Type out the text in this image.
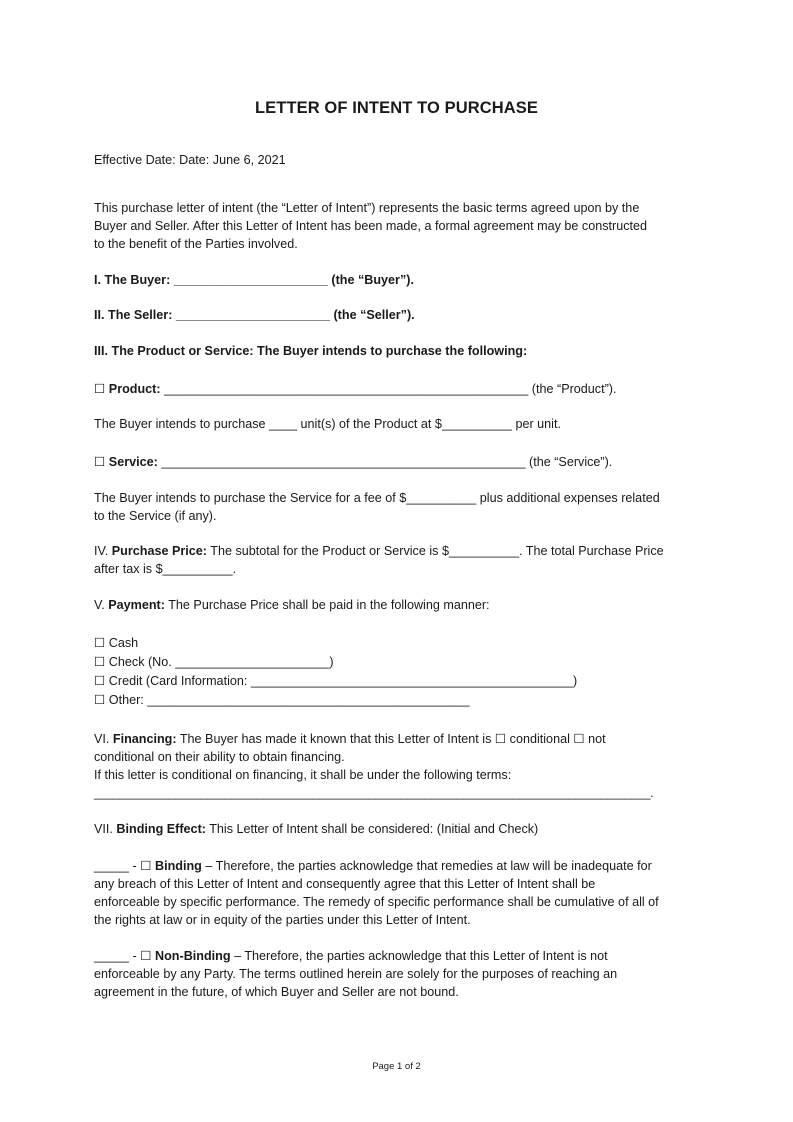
LETTER OF INTENT TO PURCHASE
Effective Date: Date: June 6, 2021
This purchase letter of intent (the “Letter of Intent”) represents the basic terms agreed upon by the
Buyer and Seller. After this Letter of Intent has been made, a formal agreement may be constructed
to the benefit of the Parties involved.
I. The Buyer: ______________________ (the “Buyer”).
II. The Seller: ______________________ (the “Seller”).
III. The Product or Service: The Buyer intends to purchase the following:
☐ Product: ____________________________________________________ (the “Product”).
The Buyer intends to purchase ____ unit(s) of the Product at $__________ per unit.
☐ Service: ____________________________________________________ (the “Service”).
The Buyer intends to purchase the Service for a fee of $__________ plus additional expenses related
to the Service (if any).
IV. Purchase Price: The subtotal for the Product or Service is $__________. The total Purchase Price
after tax is $__________.
V. Payment: The Purchase Price shall be paid in the following manner:
☐ Cash
☐ Check (No. ______________________)
☐ Credit (Card Information: ______________________________________________)
☐ Other: ______________________________________________
VI. Financing: The Buyer has made it known that this Letter of Intent is ☐ conditional ☐ not
conditional on their ability to obtain financing.
If this letter is conditional on financing, it shall be under the following terms:
_________________________________________________________________________________________.
VII. Binding Effect: This Letter of Intent shall be considered: (Initial and Check)
_____ - ☐ Binding – Therefore, the parties acknowledge that remedies at law will be inadequate for
any breach of this Letter of Intent and consequently agree that this Letter of Intent shall be
enforceable by specific performance. The remedy of specific performance shall be cumulative of all of
the rights at law or in equity of the parties under this Letter of Intent.
_____ - ☐ Non-Binding – Therefore, the parties acknowledge that this Letter of Intent is not
enforceable by any Party. The terms outlined herein are solely for the purposes of reaching an
agreement in the future, of which Buyer and Seller are not bound.
Page 1 of 2
